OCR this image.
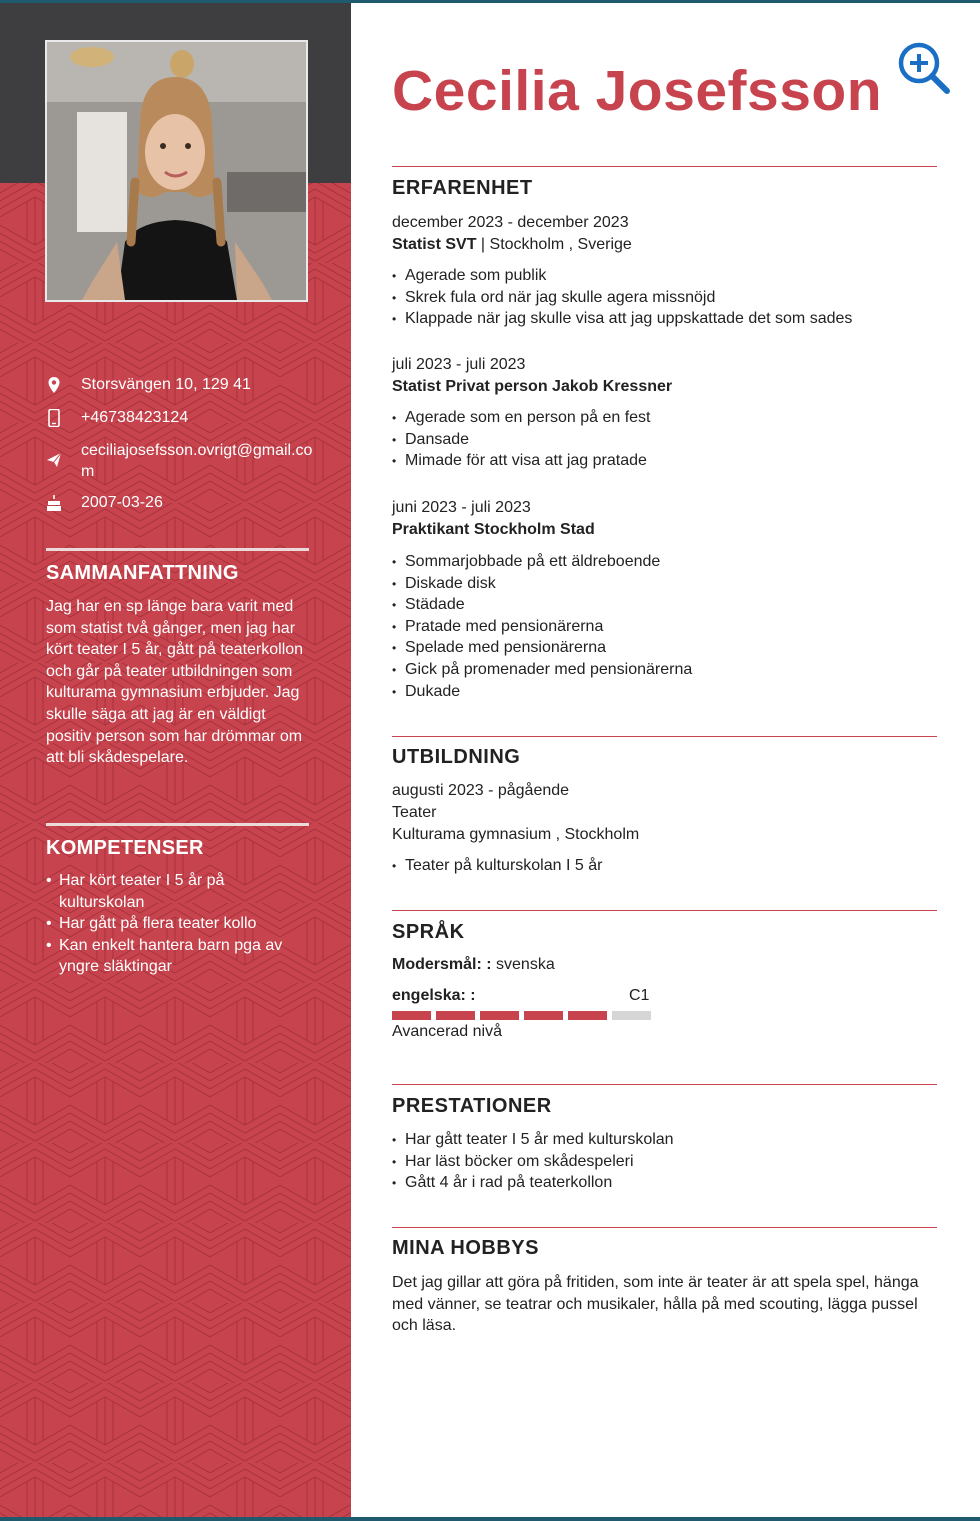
Storsvängen 10, 129 41
+46738423124
ceciliajosefsson.ovrigt@gmail.com
2007-03-26
SAMMANFATTNING
Jag har en sp länge bara varit med som statist två gånger, men jag har kört teater I 5 år, gått på teaterkollon och går på teater utbildningen som kulturama gymnasium erbjuder. Jag skulle säga att jag är en väldigt positiv person som har drömmar om att bli skådespelare.
KOMPETENSER
• Har kört teater I 5 år på kulturskolan
• Har gått på flera teater kollo
• Kan enkelt hantera barn pga av yngre släktingar
Cecilia Josefsson
ERFARENHET
december 2023 - december 2023
Statist SVT | Stockholm , Sverige
• Agerade som publik
• Skrek fula ord när jag skulle agera missnöjd
• Klappade när jag skulle visa att jag uppskattade det som sades
juli 2023 - juli 2023
Statist Privat person Jakob Kressner
• Agerade som en person på en fest
• Dansade
• Mimade för att visa att jag pratade
juni 2023 - juli 2023
Praktikant Stockholm Stad
• Sommarjobbade på ett äldreboende
• Diskade disk
• Städade
• Pratade med pensionärerna
• Spelade med pensionärerna
• Gick på promenader med pensionärerna
• Dukade
UTBILDNING
augusti 2023 - pågående
Teater
Kulturama gymnasium , Stockholm
• Teater på kulturskolan I 5 år
SPRÅK
Modersmål: : svenska
engelska: :	C1
Avancerad nivå
PRESTATIONER
• Har gått teater I 5 år med kulturskolan
• Har läst böcker om skådespeleri
• Gått 4 år i rad på teaterkollon
MINA HOBBYS
Det jag gillar att göra på fritiden, som inte är teater är att spela spel, hänga med vänner, se teatrar och musikaler, hålla på med scouting, lägga pussel och läsa.
